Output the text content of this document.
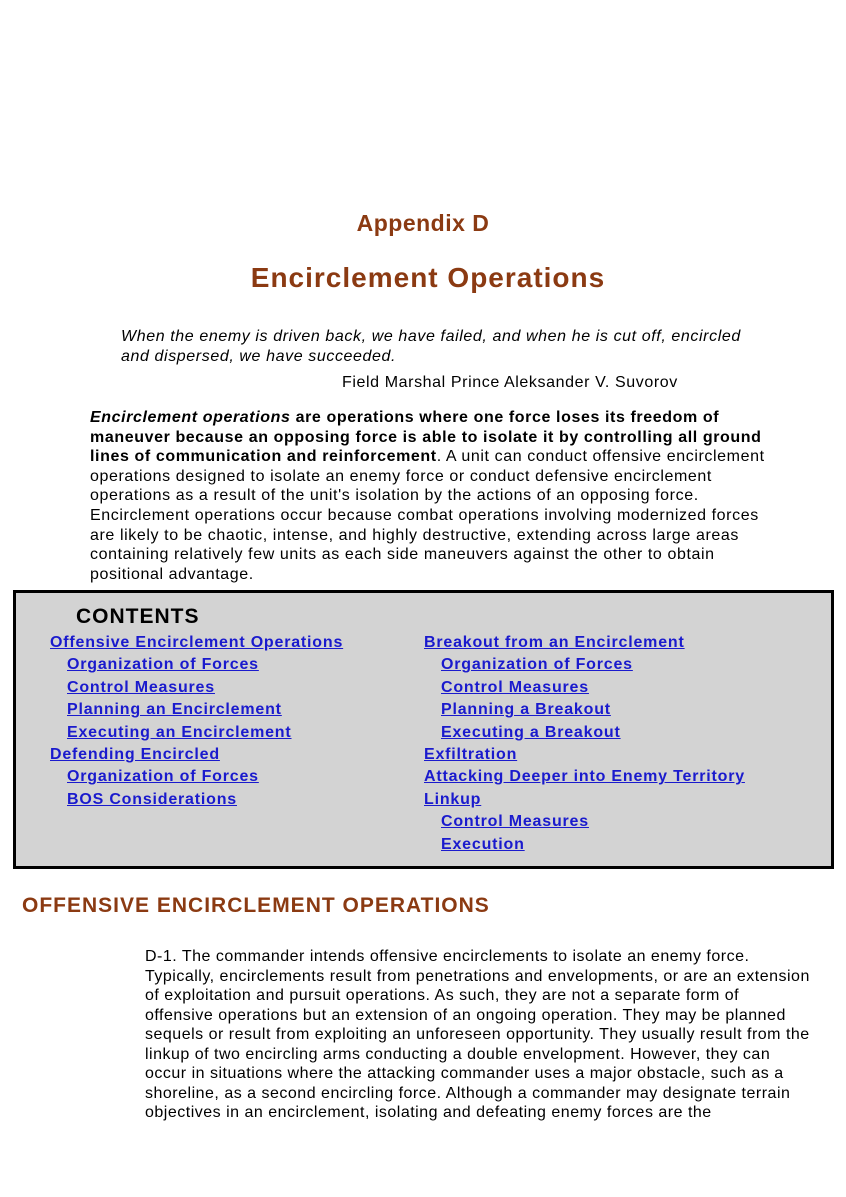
Appendix D
Encirclement Operations
When the enemy is driven back, we have failed, and when he is cut off, encircled and dispersed, we have succeeded.
Field Marshal Prince Aleksander V. Suvorov
Encirclement operations are operations where one force loses its freedom of maneuver because an opposing force is able to isolate it by controlling all ground lines of communication and reinforcement. A unit can conduct offensive encirclement operations designed to isolate an enemy force or conduct defensive encirclement operations as a result of the unit's isolation by the actions of an opposing force. Encirclement operations occur because combat operations involving modernized forces are likely to be chaotic, intense, and highly destructive, extending across large areas containing relatively few units as each side maneuvers against the other to obtain positional advantage.
CONTENTS
Offensive Encirclement Operations
Organization of Forces
Control Measures
Planning an Encirclement
Executing an Encirclement
Defending Encircled
Organization of Forces
BOS Considerations
Breakout from an Encirclement
Organization of Forces
Control Measures
Planning a Breakout
Executing a Breakout
Exfiltration
Attacking Deeper into Enemy Territory
Linkup
Control Measures
Execution
OFFENSIVE ENCIRCLEMENT OPERATIONS
D-1. The commander intends offensive encirclements to isolate an enemy force. Typically, encirclements result from penetrations and envelopments, or are an extension of exploitation and pursuit operations. As such, they are not a separate form of offensive operations but an extension of an ongoing operation. They may be planned sequels or result from exploiting an unforeseen opportunity. They usually result from the linkup of two encircling arms conducting a double envelopment. However, they can occur in situations where the attacking commander uses a major obstacle, such as a shoreline, as a second encircling force. Although a commander may designate terrain objectives in an encirclement, isolating and defeating enemy forces are the
